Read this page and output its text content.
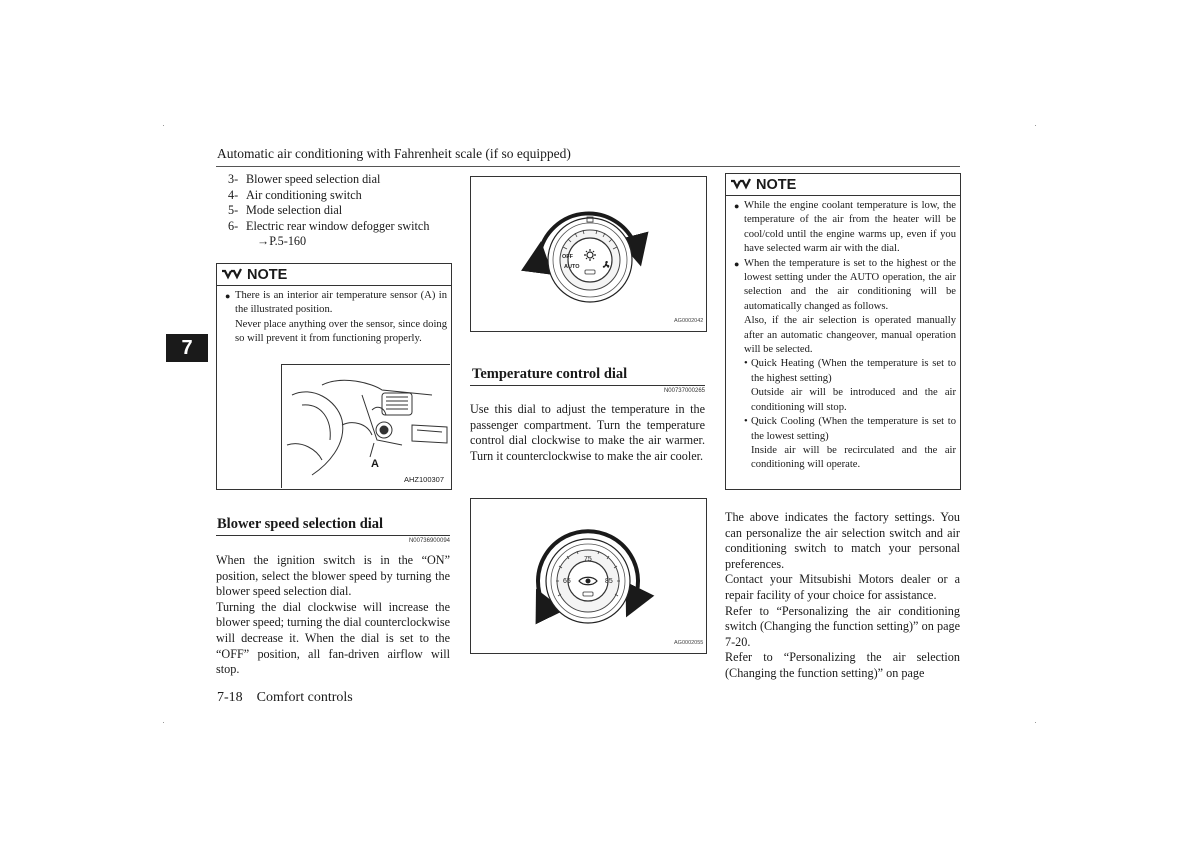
Automatic air conditioning with Fahrenheit scale (if so equipped)
7
3- Blower speed selection dial
4- Air conditioning switch
5- Mode selection dial
6- Electric rear window defogger switch
→P.5-160
NOTE
● There is an interior air temperature sensor (A) in the illustrated position.
Never place anything over the sensor, since doing so will prevent it from functioning properly.
A
AHZ100307
Blower speed selection dial
N00736900094
When the ignition switch is in the “ON” position, select the blower speed by turning the blower speed selection dial.
Turning the dial clockwise will increase the blower speed; turning the dial counterclockwise will decrease it. When the dial is set to the “OFF” position, all fan-driven airflow will stop.
OFF
AUTO
AG0002042
Temperature control dial
N00737000265
Use this dial to adjust the temperature in the passenger compartment. Turn the temperature control dial clockwise to make the air warmer. Turn it counterclockwise to make the air cooler.
65
75
85
AG0002055
NOTE
● While the engine coolant temperature is low, the temperature of the air from the heater will be cool/cold until the engine warms up, even if you have selected warm air with the dial.
● When the temperature is set to the highest or the lowest setting under the AUTO operation, the air selection and the air conditioning will be automatically changed as follows.
Also, if the air selection is operated manually after an automatic changeover, manual operation will be selected.
• Quick Heating (When the temperature is set to the highest setting)
Outside air will be introduced and the air conditioning will stop.
• Quick Cooling (When the temperature is set to the lowest setting)
Inside air will be recirculated and the air conditioning will operate.
The above indicates the factory settings. You can personalize the air selection switch and air conditioning switch to match your personal preferences.
Contact your Mitsubishi Motors dealer or a repair facility of your choice for assistance.
Refer to “Personalizing the air conditioning switch (Changing the function setting)” on page 7-20.
Refer to “Personalizing the air selection (Changing the function setting)” on page
7-18 Comfort controls
